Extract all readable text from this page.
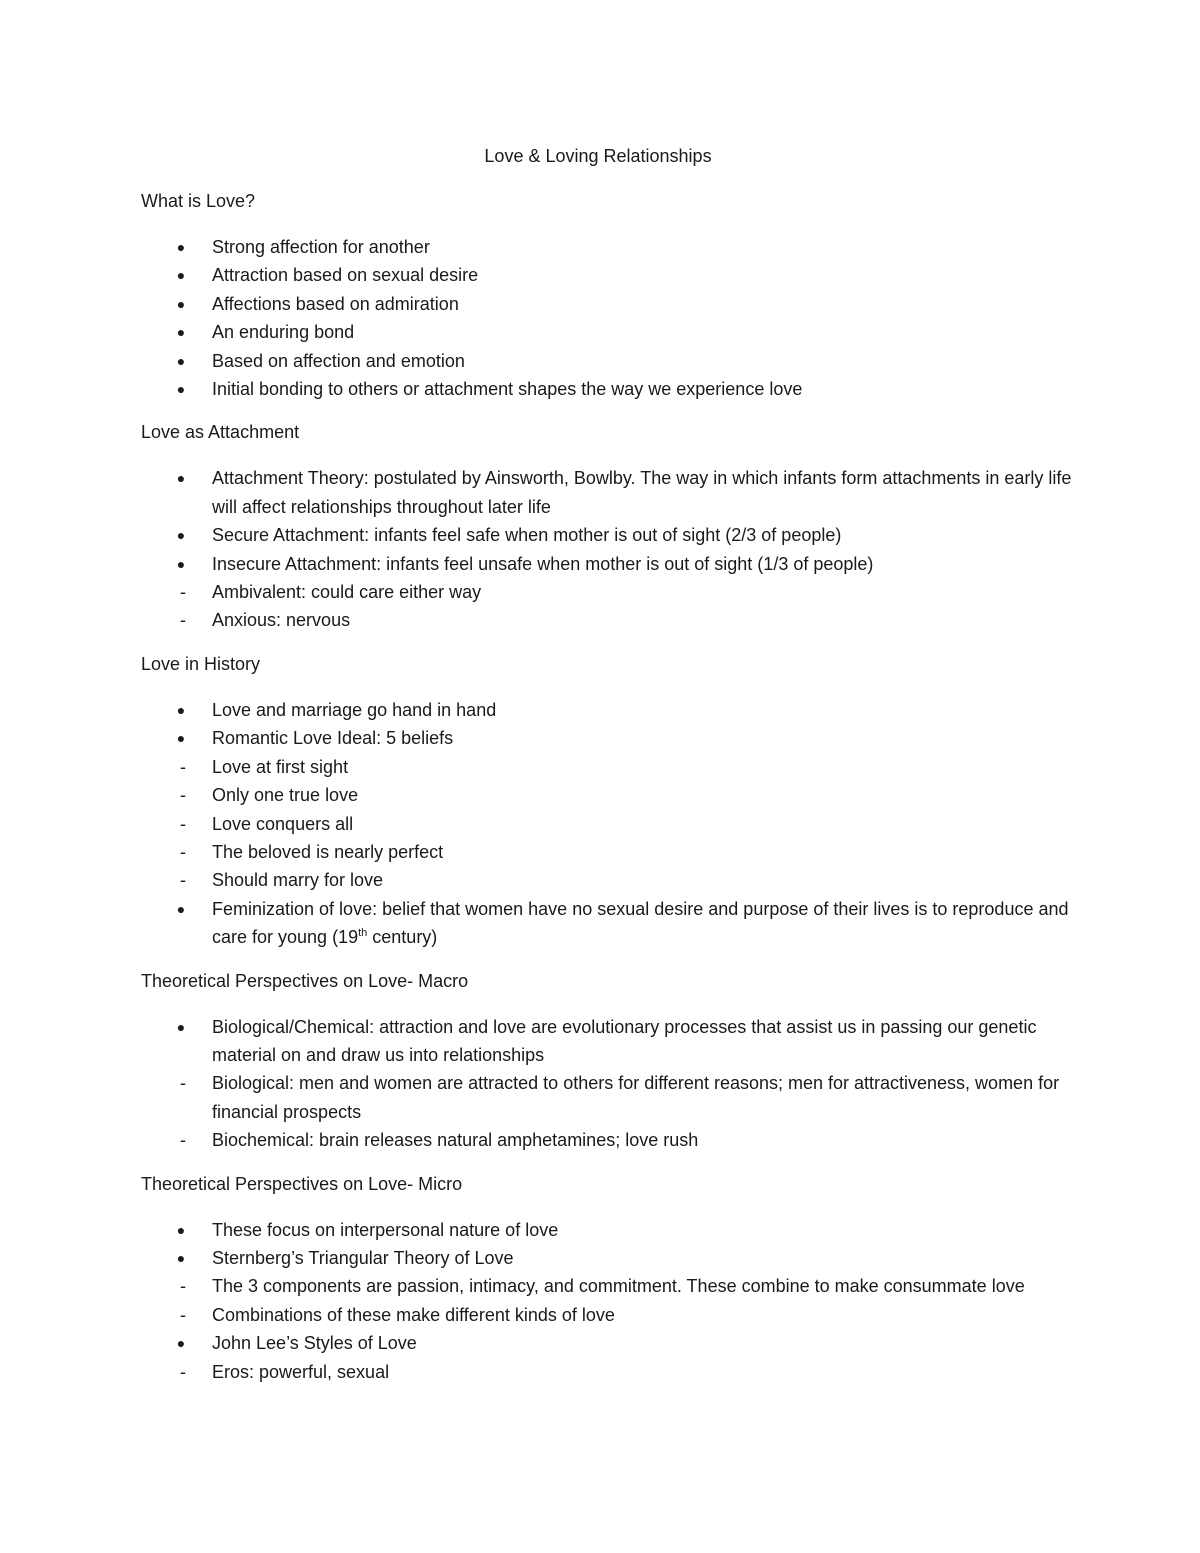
Love & Loving Relationships

What is Love?

●	Strong affection for another
●	Attraction based on sexual desire
●	Affections based on admiration
●	An enduring bond
●	Based on affection and emotion
●	Initial bonding to others or attachment shapes the way we experience love

Love as Attachment

●	Attachment Theory: postulated by Ainsworth, Bowlby. The way in which infants form attachments in early life will affect relationships throughout later life
●	Secure Attachment: infants feel safe when mother is out of sight (2/3 of people)
●	Insecure Attachment: infants feel unsafe when mother is out of sight (1/3 of people)
-	Ambivalent: could care either way
-	Anxious: nervous

Love in History

●	Love and marriage go hand in hand
●	Romantic Love Ideal: 5 beliefs
-	Love at first sight
-	Only one true love
-	Love conquers all
-	The beloved is nearly perfect
-	Should marry for love
●	Feminization of love: belief that women have no sexual desire and purpose of their lives is to reproduce and care for young (19th century)

Theoretical Perspectives on Love- Macro

●	Biological/Chemical: attraction and love are evolutionary processes that assist us in passing our genetic material on and draw us into relationships
-	Biological: men and women are attracted to others for different reasons; men for attractiveness, women for financial prospects
-	Biochemical: brain releases natural amphetamines; love rush

Theoretical Perspectives on Love- Micro

●	These focus on interpersonal nature of love
●	Sternberg’s Triangular Theory of Love
-	The 3 components are passion, intimacy, and commitment. These combine to make consummate love
-	Combinations of these make different kinds of love
●	John Lee’s Styles of Love
-	Eros: powerful, sexual
